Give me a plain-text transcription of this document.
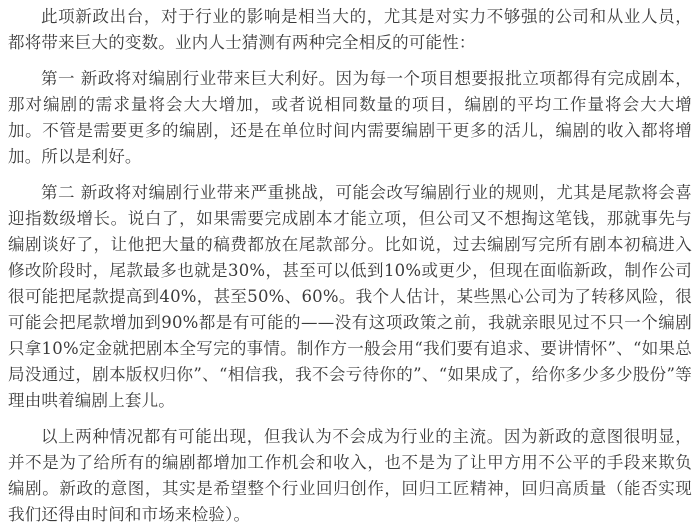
此项新政出台，对于行业的影响是相当大的，尤其是对实力不够强的公司和从业人员，都将带来巨大的变数。业内人士猜测有两种完全相反的可能性：

第一 新政将对编剧行业带来巨大利好。因为每一个项目想要报批立项都得有完成剧本，那对编剧的需求量将会大大增加，或者说相同数量的项目，编剧的平均工作量将会大大增加。不管是需要更多的编剧，还是在单位时间内需要编剧干更多的活儿，编剧的收入都将增加。所以是利好。

第二 新政将对编剧行业带来严重挑战，可能会改写编剧行业的规则，尤其是尾款将会喜迎指数级增长。说白了，如果需要完成剧本才能立项，但公司又不想掏这笔钱，那就事先与编剧谈好了，让他把大量的稿费都放在尾款部分。比如说，过去编剧写完所有剧本初稿进入修改阶段时，尾款最多也就是30%，甚至可以低到10%或更少，但现在面临新政，制作公司很可能把尾款提高到40%，甚至50%、60%。我个人估计，某些黑心公司为了转移风险，很可能会把尾款增加到90%都是有可能的——没有这项政策之前，我就亲眼见过不只一个编剧只拿10%定金就把剧本全写完的事情。制作方一般会用“我们要有追求、要讲情怀”、“如果总局没通过，剧本版权归你”、“相信我，我不会亏待你的”、“如果成了，给你多少多少股份”等理由哄着编剧上套儿。

以上两种情况都有可能出现，但我认为不会成为行业的主流。因为新政的意图很明显，并不是为了给所有的编剧都增加工作机会和收入，也不是为了让甲方用不公平的手段来欺负编剧。新政的意图，其实是希望整个行业回归创作，回归工匠精神，回归高质量（能否实现我们还得由时间和市场来检验）。
